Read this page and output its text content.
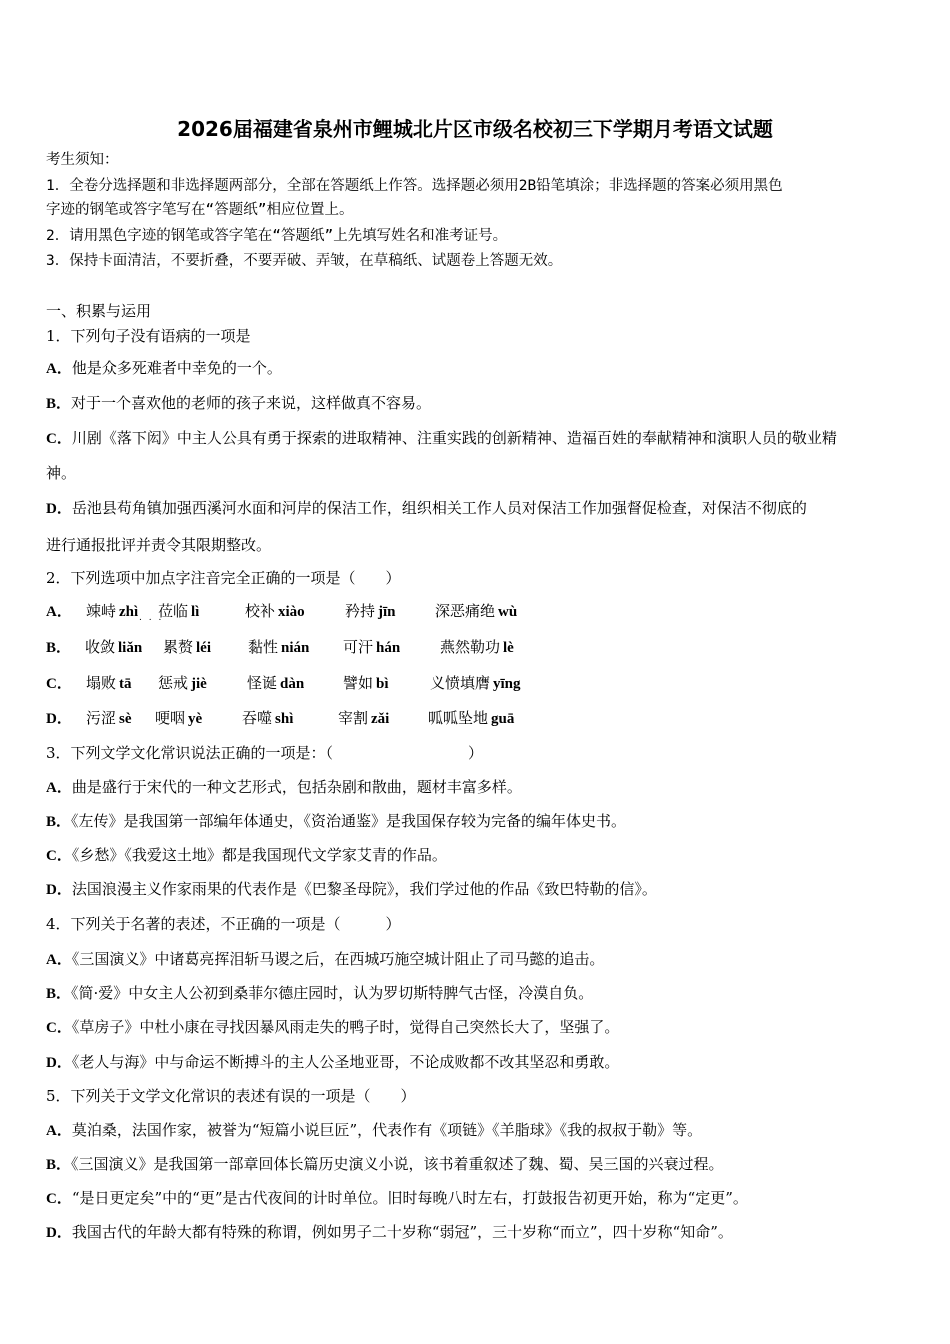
2026届福建省泉州市鲤城北片区市级名校初三下学期月考语文试题
考生须知：
1．全卷分选择题和非选择题两部分，全部在答题纸上作答。选择题必须用2B铅笔填涂；非选择题的答案必须用黑色
字迹的钢笔或答字笔写在“答题纸”相应位置上。
2．请用黑色字迹的钢笔或答字笔在“答题纸”上先填写姓名和准考证号。
3．保持卡面清洁，不要折叠，不要弄破、弄皱，在草稿纸、试题卷上答题无效。
一、积累与运用
1．下列句子没有语病的一项是
A．他是众多死难者中幸免的一个。
B．对于一个喜欢他的老师的孩子来说，这样做真不容易。
C．川剧《落下闳》中主人公具有勇于探索的进取精神、注重实践的创新精神、造福百姓的奉献精神和演职人员的敬业精
神。
D．岳池县苟角镇加强西溪河水面和河岸的保洁工作，组织相关工作人员对保洁工作加强督促检查，对保洁不彻底的
进行通报批评并责令其限期整改。
2．下列选项中加点字注音完全正确的一项是（　　）
A． 竦峙 zhì 莅临 lì	校补 xiào	矜持 jīn	深恶痛绝 wù
. . .
B． 收敛 liǎn 累赘 léi 黏性 nián 可汗 hán	燕然勒功 lè
C． 塌败 tā 惩戒 jiè	怪诞 dàn	譬如 bì	义愤填膺 yīng
D． 污涩 sè 哽咽 yè	吞噬 shì	宰割 zǎi	呱呱坠地 guā
3．下列文学文化常识说法正确的一项是：（　　　　　　　　　）
A．曲是盛行于宋代的一种文艺形式，包括杂剧和散曲，题材丰富多样。
B．《左传》是我国第一部编年体通史，《资治通鉴》是我国保存较为完备的编年体史书。
C．《乡愁》《我爱这土地》都是我国现代文学家艾青的作品。
D．法国浪漫主义作家雨果的代表作是《巴黎圣母院》，我们学过他的作品《致巴特勒的信》。
4．下列关于名著的表述，不正确的一项是（　　　）
A．《三国演义》中诸葛亮挥泪斩马谡之后，在西城巧施空城计阻止了司马懿的追击。
B．《简·爱》中女主人公初到桑菲尔德庄园时，认为罗切斯特脾气古怪，冷漠自负。
C．《草房子》中杜小康在寻找因暴风雨走失的鸭子时，觉得自己突然长大了，坚强了。
D．《老人与海》中与命运不断搏斗的主人公圣地亚哥，不论成败都不改其坚忍和勇敢。
5．下列关于文学文化常识的表述有误的一项是（　　）
A．莫泊桑，法国作家，被誉为“短篇小说巨匠”，代表作有《项链》《羊脂球》《我的叔叔于勒》等。
B．《三国演义》是我国第一部章回体长篇历史演义小说，该书着重叙述了魏、蜀、吴三国的兴衰过程。
C．“是日更定矣”中的“更”是古代夜间的计时单位。旧时每晚八时左右，打鼓报告初更开始，称为“定更”。
D．我国古代的年龄大都有特殊的称谓，例如男子二十岁称“弱冠”，三十岁称“而立”，四十岁称“知命”。
